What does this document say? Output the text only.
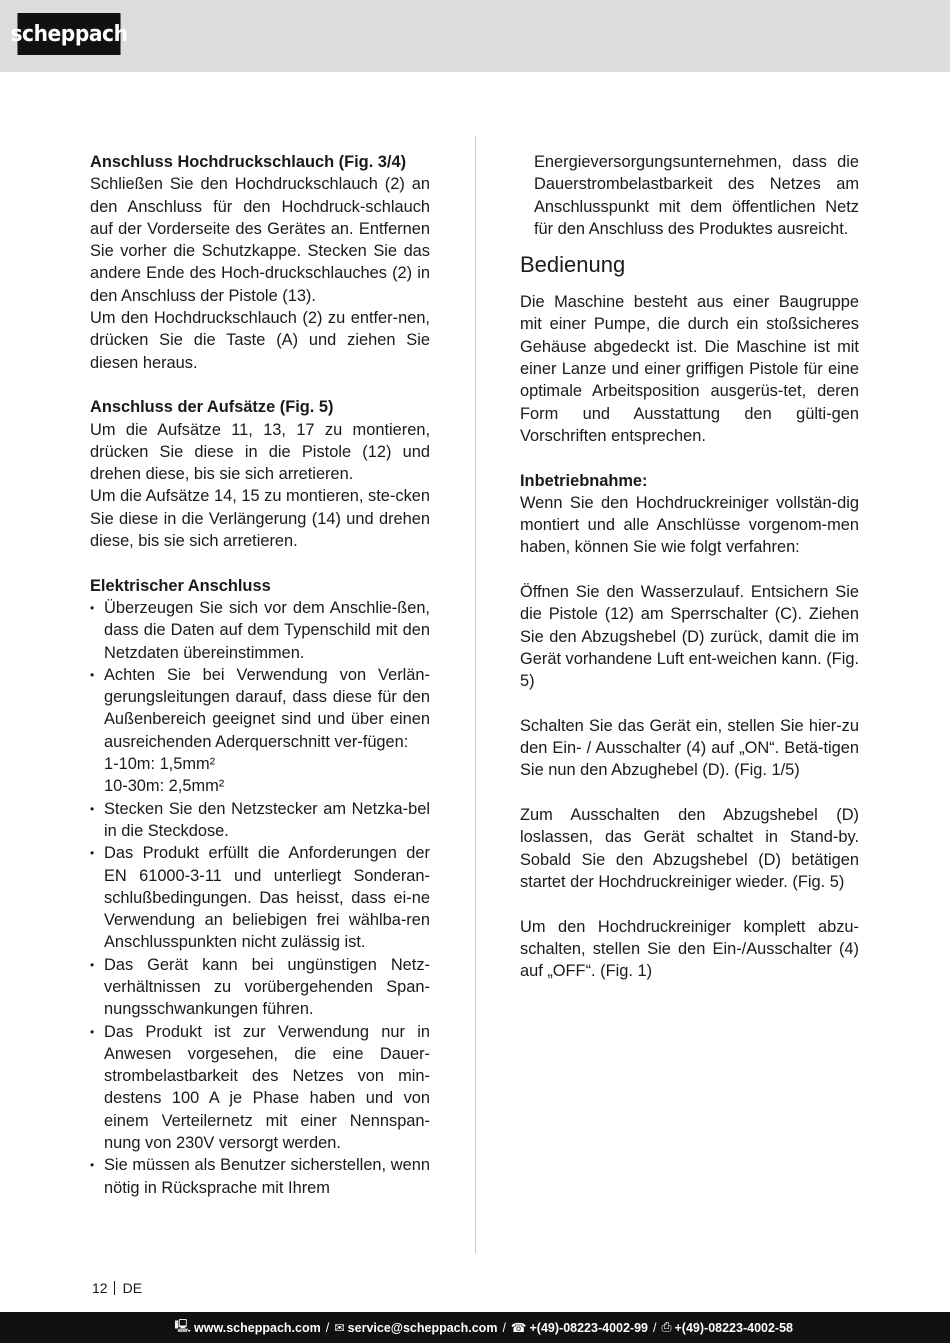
scheppach
Anschluss Hochdruckschlauch (Fig. 3/4)

Schließen Sie den Hochdruckschlauch (2) an den Anschluss für den Hochdruck-schlauch auf der Vorderseite des Gerätes an. Entfernen Sie vorher die Schutzkappe. Stecken Sie das andere Ende des Hoch-druckschlauches (2) in den Anschluss der Pistole (13).

Um den Hochdruckschlauch (2) zu entfer-nen, drücken Sie die Taste (A) und ziehen Sie diesen heraus.

Anschluss der Aufsätze (Fig. 5)

Um die Aufsätze 11, 13, 17 zu montieren, drücken Sie diese in die Pistole (12) und drehen diese, bis sie sich arretieren.

Um die Aufsätze 14, 15 zu montieren, ste-cken Sie diese in die Verlängerung (14) und drehen diese, bis sie sich arretieren.

Elektrischer Anschluss
• Überzeugen Sie sich vor dem Anschlie-ßen, dass die Daten auf dem Typenschild mit den Netzdaten übereinstimmen.
• Achten Sie bei Verwendung von Verlän-gerungsleitungen darauf, dass diese für den Außenbereich geeignet sind und über einen ausreichenden Aderquerschnitt ver-fügen:
1-10m: 1,5mm²
10-30m: 2,5mm²
• Stecken Sie den Netzstecker am Netzka-bel in die Steckdose.
• Das Produkt erfüllt die Anforderungen der EN 61000-3-11 und unterliegt Sonderan-schlußbedingungen. Das heisst, dass ei-ne Verwendung an beliebigen frei wählba-ren Anschlusspunkten nicht zulässig ist.
• Das Gerät kann bei ungünstigen Netz-verhältnissen zu vorübergehenden Span-nungsschwankungen führen.
• Das Produkt ist zur Verwendung nur in Anwesen vorgesehen, die eine Dauer-strombelastbarkeit des Netzes von min-destens 100 A je Phase haben und von einem Verteilernetz mit einer Nennspan-nung von 230V versorgt werden.
• Sie müssen als Benutzer sicherstellen, wenn nötig in Rücksprache mit Ihrem

Energieversorgungsunternehmen, dass die Dauerstrombelastbarkeit des Netzes am Anschlusspunkt mit dem öffentlichen Netz für den Anschluss des Produktes ausreicht.

Bedienung

Die Maschine besteht aus einer Baugruppe mit einer Pumpe, die durch ein stoßsicheres Gehäuse abgedeckt ist. Die Maschine ist mit einer Lanze und einer griffigen Pistole für eine optimale Arbeitsposition ausgerüs-tet, deren Form und Ausstattung den gülti-gen Vorschriften entsprechen.

Inbetriebnahme:

Wenn Sie den Hochdruckreiniger vollstän-dig montiert und alle Anschlüsse vorgenom-men haben, können Sie wie folgt verfahren:

Öffnen Sie den Wasserzulauf. Entsichern Sie die Pistole (12) am Sperrschalter (C). Ziehen Sie den Abzugshebel (D) zurück, damit die im Gerät vorhandene Luft ent-weichen kann. (Fig. 5)

Schalten Sie das Gerät ein, stellen Sie hier-zu den Ein- / Ausschalter (4) auf „ON“. Betä-tigen Sie nun den Abzughebel (D). (Fig. 1/5)

Zum Ausschalten den Abzugshebel (D) loslassen, das Gerät schaltet in Stand-by. Sobald Sie den Abzugshebel (D) betätigen startet der Hochdruckreiniger wieder. (Fig. 5)

Um den Hochdruckreiniger komplett abzu-schalten, stellen Sie den Ein-/Ausschalter (4) auf „OFF“. (Fig. 1)

12 DE
🖳 www.scheppach.com / ✉ service@scheppach.com / ☎ +(49)-08223-4002-99 / ⎙ +(49)-08223-4002-58
